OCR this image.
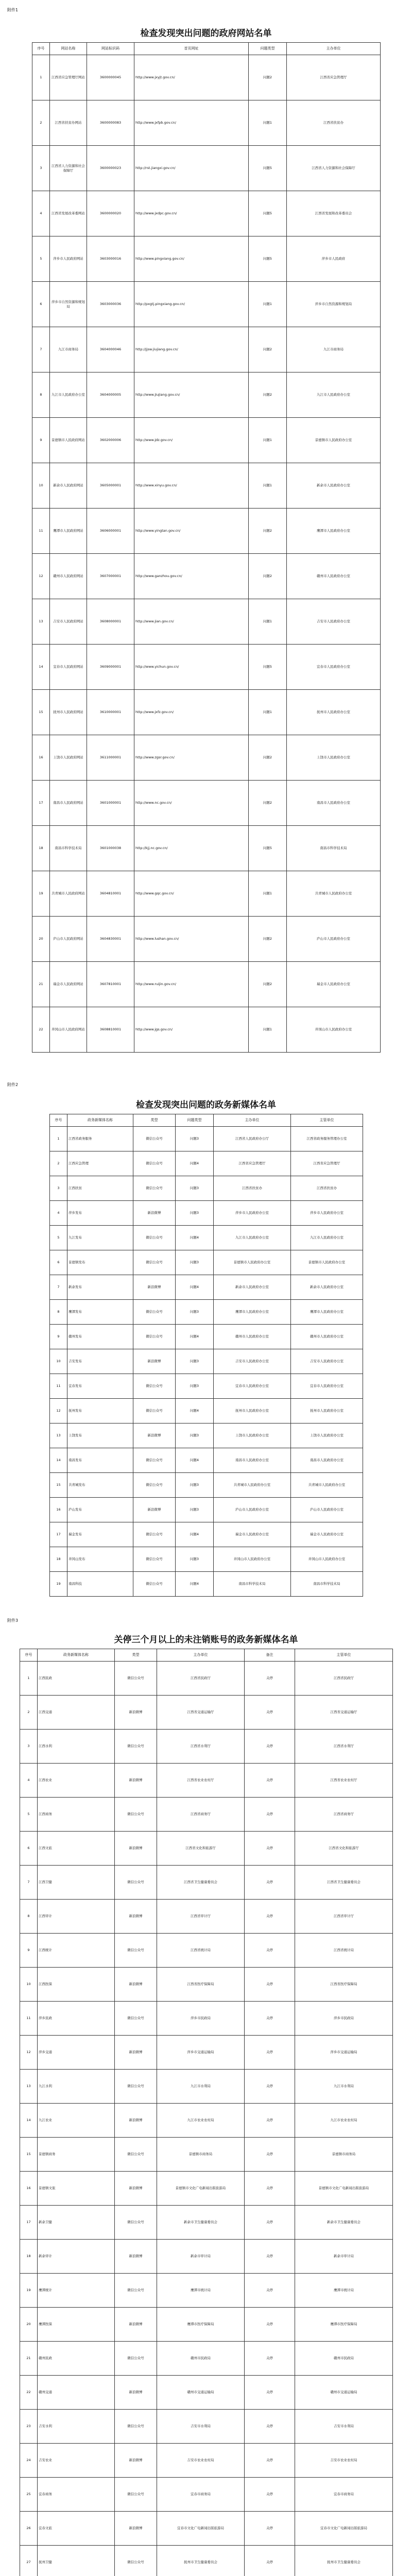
附件1
检查发现突出问题的政府网站名单
序号	网站名称	网站标识码	首页网址	问题类型	主办单位
1	江西省应急管理厅网站	3600000045	http://www.jxyjt.gov.cn/	问题2	江西省应急管理厅
2	江西省扶贫办网站	3600000083	http://www.jxfpb.gov.cn/	问题1	江西省扶贫办
3	江西省人力资源和社会保障厅	3600000023	http://rst.jiangxi.gov.cn/	问题5	江西省人力资源和社会保障厅
4	江西省发展改革委网站	3600000020	http://www.jxdpc.gov.cn/	问题5	江西省发展和改革委员会
5	萍乡市人民政府网站	3603000016	http://www.pingxiang.gov.cn/	问题5	萍乡市人民政府
6	萍乡市自然资源和规划局	3603000036	http://pxgtj.pingxiang.gov.cn/	问题1	萍乡市自然资源和规划局
7	九江市商务局	3604000046	http://jjsw.jiujiang.gov.cn/	问题2	九江市商务局
8	九江市人民政府办公室	3604000005	http://www.jiujiang.gov.cn/	问题2	九江市人民政府办公室
9	景德镇市人民政府网站	3602000006	http://www.jdz.gov.cn/	问题1	景德镇市人民政府办公室
10	新余市人民政府网站	3605000001	http://www.xinyu.gov.cn/	问题1	新余市人民政府办公室
11	鹰潭市人民政府网站	3606000001	http://www.yingtan.gov.cn/	问题2	鹰潭市人民政府办公室
12	赣州市人民政府网站	3607000001	http://www.ganzhou.gov.cn/	问题2	赣州市人民政府办公室
13	吉安市人民政府网站	3608000001	http://www.jian.gov.cn/	问题1	吉安市人民政府办公室
14	宜春市人民政府网站	3609000001	http://www.yichun.gov.cn/	问题5	宜春市人民政府办公室
15	抚州市人民政府网站	3610000001	http://www.jxfz.gov.cn/	问题1	抚州市人民政府办公室
16	上饶市人民政府网站	3611000001	http://www.zgsr.gov.cn/	问题2	上饶市人民政府办公室
17	南昌市人民政府网站	3601000001	http://www.nc.gov.cn/	问题2	南昌市人民政府办公室
18	南昌市科学技术局	3601000038	http://kjj.nc.gov.cn/	问题5	南昌市科学技术局
19	共青城市人民政府网站	3604810001	http://www.gqc.gov.cn/	问题1	共青城市人民政府办公室
20	庐山市人民政府网站	3604830001	http://www.lushan.gov.cn/	问题2	庐山市人民政府办公室
21	瑞金市人民政府网站	3607810001	http://www.ruijin.gov.cn/	问题2	瑞金市人民政府办公室
22	井冈山市人民政府网站	3608810001	http://www.jgs.gov.cn/	问题1	井冈山市人民政府办公室
附件2
检查发现突出问题的政务新媒体名单
序号	政务新媒体名称	类型	问题类型	主办单位	主管单位
1	江西省政务服务	微信公众号	问题3	江西省人民政府办公厅	江西省政务服务管理办公室
2	江西应急管理	微信公众号	问题4	江西省应急管理厅	江西省应急管理厅
3	江西扶贫	微信公众号	问题3	江西省扶贫办	江西省扶贫办
4	萍乡发布	新浪微博	问题3	萍乡市人民政府办公室	萍乡市人民政府办公室
5	九江发布	微信公众号	问题4	九江市人民政府办公室	九江市人民政府办公室
6	景德镇发布	微信公众号	问题3	景德镇市人民政府办公室	景德镇市人民政府办公室
7	新余发布	新浪微博	问题4	新余市人民政府办公室	新余市人民政府办公室
8	鹰潭发布	微信公众号	问题3	鹰潭市人民政府办公室	鹰潭市人民政府办公室
9	赣州发布	微信公众号	问题4	赣州市人民政府办公室	赣州市人民政府办公室
10	吉安发布	新浪微博	问题3	吉安市人民政府办公室	吉安市人民政府办公室
11	宜春发布	微信公众号	问题3	宜春市人民政府办公室	宜春市人民政府办公室
12	抚州发布	微信公众号	问题4	抚州市人民政府办公室	抚州市人民政府办公室
13	上饶发布	新浪微博	问题3	上饶市人民政府办公室	上饶市人民政府办公室
14	南昌发布	微信公众号	问题4	南昌市人民政府办公室	南昌市人民政府办公室
15	共青城发布	微信公众号	问题3	共青城市人民政府办公室	共青城市人民政府办公室
16	庐山发布	新浪微博	问题3	庐山市人民政府办公室	庐山市人民政府办公室
17	瑞金发布	微信公众号	问题4	瑞金市人民政府办公室	瑞金市人民政府办公室
18	井冈山发布	微信公众号	问题3	井冈山市人民政府办公室	井冈山市人民政府办公室
19	南昌科技	微信公众号	问题4	南昌市科学技术局	南昌市科学技术局
附件3
关停三个月以上的未注销账号的政务新媒体名单
序号	政务新媒体名称	类型	主办单位	备注	主管单位
1	江西民政	微信公众号	江西省民政厅	关停	江西省民政厅
2	江西交通	新浪微博	江西省交通运输厅	关停	江西省交通运输厅
3	江西水利	微信公众号	江西省水利厅	关停	江西省水利厅
4	江西农业	新浪微博	江西省农业农村厅	关停	江西省农业农村厅
5	江西商务	微信公众号	江西省商务厅	关停	江西省商务厅
6	江西文旅	新浪微博	江西省文化和旅游厅	关停	江西省文化和旅游厅
7	江西卫健	微信公众号	江西省卫生健康委员会	关停	江西省卫生健康委员会
8	江西审计	新浪微博	江西省审计厅	关停	江西省审计厅
9	江西统计	微信公众号	江西省统计局	关停	江西省统计局
10	江西医保	新浪微博	江西省医疗保障局	关停	江西省医疗保障局
11	萍乡民政	微信公众号	萍乡市民政局	关停	萍乡市民政局
12	萍乡交通	新浪微博	萍乡市交通运输局	关停	萍乡市交通运输局
13	九江水利	微信公众号	九江市水利局	关停	九江市水利局
14	九江农业	新浪微博	九江市农业农村局	关停	九江市农业农村局
15	景德镇商务	微信公众号	景德镇市商务局	关停	景德镇市商务局
16	景德镇文旅	新浪微博	景德镇市文化广电新闻出版旅游局	关停	景德镇市文化广电新闻出版旅游局
17	新余卫健	微信公众号	新余市卫生健康委员会	关停	新余市卫生健康委员会
18	新余审计	新浪微博	新余市审计局	关停	新余市审计局
19	鹰潭统计	微信公众号	鹰潭市统计局	关停	鹰潭市统计局
20	鹰潭医保	新浪微博	鹰潭市医疗保障局	关停	鹰潭市医疗保障局
21	赣州民政	微信公众号	赣州市民政局	关停	赣州市民政局
22	赣州交通	新浪微博	赣州市交通运输局	关停	赣州市交通运输局
23	吉安水利	微信公众号	吉安市水利局	关停	吉安市水利局
24	吉安农业	新浪微博	吉安市农业农村局	关停	吉安市农业农村局
25	宜春商务	微信公众号	宜春市商务局	关停	宜春市商务局
26	宜春文旅	新浪微博	宜春市文化广电新闻出版旅游局	关停	宜春市文化广电新闻出版旅游局
27	抚州卫健	微信公众号	抚州市卫生健康委员会	关停	抚州市卫生健康委员会
